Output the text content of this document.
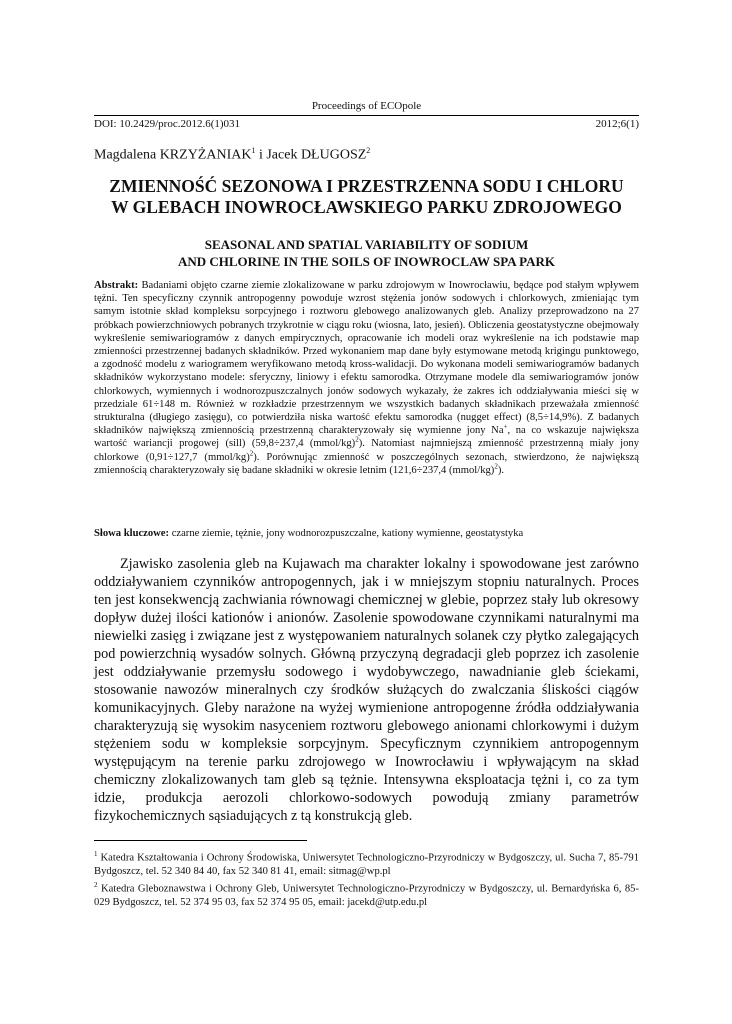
Proceedings of ECOpole
DOI: 10.2429/proc.2012.6(1)031	2012;6(1)
Magdalena KRZYŻANIAK$^1$ i Jacek DŁUGOSZ$^2$
ZMIENNOŚĆ SEZONOWA I PRZESTRZENNA SODU I CHLORU
W GLEBACH INOWROCŁAWSKIEGO PARKU ZDROJOWEGO
SEASONAL AND SPATIAL VARIABILITY OF SODIUM
AND CHLORINE IN THE SOILS OF INOWROCLAW SPA PARK
Abstrakt: Badaniami objęto czarne ziemie zlokalizowane w parku zdrojowym w Inowrocławiu, będące pod stałym wpływem tężni. Ten specyficzny czynnik antropogenny powoduje wzrost stężenia jonów sodowych i chlorkowych, zmieniając tym samym istotnie skład kompleksu sorpcyjnego i roztworu glebowego analizowanych gleb. Analizy przeprowadzono na 27 próbkach powierzchniowych pobranych trzykrotnie w ciągu roku (wiosna, lato, jesień). Obliczenia geostatystyczne obejmowały wykreślenie semiwariogramów z danych empirycznych, opracowanie ich modeli oraz wykreślenie na ich podstawie map zmienności przestrzennej badanych składników. Przed wykonaniem map dane były estymowane metodą krigingu punktowego, a zgodność modelu z wariogramem weryfikowano metodą kross-walidacji. Do wykonana modeli semiwariogramów badanych składników wykorzystano modele: sferyczny, liniowy i efektu samorodka. Otrzymane modele dla semiwariogramów jonów chlorkowych, wymiennych i wodnorozpuszczalnych jonów sodowych wykazały, że zakres ich oddziaływania mieści się w przedziale 61÷148 m. Również w rozkładzie przestrzennym we wszystkich badanych składnikach przeważała zmienność strukturalna (długiego zasięgu), co potwierdziła niska wartość efektu samorodka (nugget effect) (8,5÷14,9%). Z badanych składników największą zmiennością przestrzenną charakteryzowały się wymienne jony Na+, na co wskazuje największa wartość wariancji progowej (sill) (59,8÷237,4 (mmol/kg)$^2$). Natomiast najmniejszą zmienność przestrzenną miały jony chlorkowe (0,91÷127,7 (mmol/kg)$^2$). Porównując zmienność w poszczególnych sezonach, stwierdzono, że największą zmiennością charakteryzowały się badane składniki w okresie letnim (121,6÷237,4 (mmol/kg)$^2$).
Słowa kluczowe: czarne ziemie, tężnie, jony wodnorozpuszczalne, kationy wymienne, geostatystyka

Zjawisko zasolenia gleb na Kujawach ma charakter lokalny i spowodowane jest zarówno oddziaływaniem czynników antropogennych, jak i w mniejszym stopniu naturalnych. Proces ten jest konsekwencją zachwiania równowagi chemicznej w glebie, poprzez stały lub okresowy dopływ dużej ilości kationów i anionów. Zasolenie spowodowane czynnikami naturalnymi ma niewielki zasięg i związane jest z występowaniem naturalnych solanek czy płytko zalegających pod powierzchnią wysadów solnych. Główną przyczyną degradacji gleb poprzez ich zasolenie jest oddziaływanie przemysłu sodowego i wydobywczego, nawadnianie gleb ściekami, stosowanie nawozów mineralnych czy środków służących do zwalczania śliskości ciągów komunikacyjnych. Gleby narażone na wyżej wymienione antropogenne źródła oddziaływania charakteryzują się wysokim nasyceniem roztworu glebowego anionami chlorkowymi i dużym stężeniem sodu w kompleksie sorpcyjnym. Specyficznym czynnikiem antropogennym występującym na terenie parku zdrojowego w Inowrocławiu i wpływającym na skład chemiczny zlokalizowanych tam gleb są tężnie. Intensywna eksploatacja tężni i, co za tym idzie, produkcja aerozoli chlorkowo-sodowych powodują zmiany parametrów fizykochemicznych sąsiadujących z tą konstrukcją gleb.

$^1$ Katedra Kształtowania i Ochrony Środowiska, Uniwersytet Technologiczno-Przyrodniczy w Bydgoszczy, ul. Sucha 7, 85-791 Bydgoszcz, tel. 52 340 84 40, fax 52 340 81 41, email: sitmag@wp.pl

$^2$ Katedra Gleboznawstwa i Ochrony Gleb, Uniwersytet Technologiczno-Przyrodniczy w Bydgoszczy, ul. Bernardyńska 6, 85-029 Bydgoszcz, tel. 52 374 95 03, fax 52 374 95 05, email: jacekd@utp.edu.pl
